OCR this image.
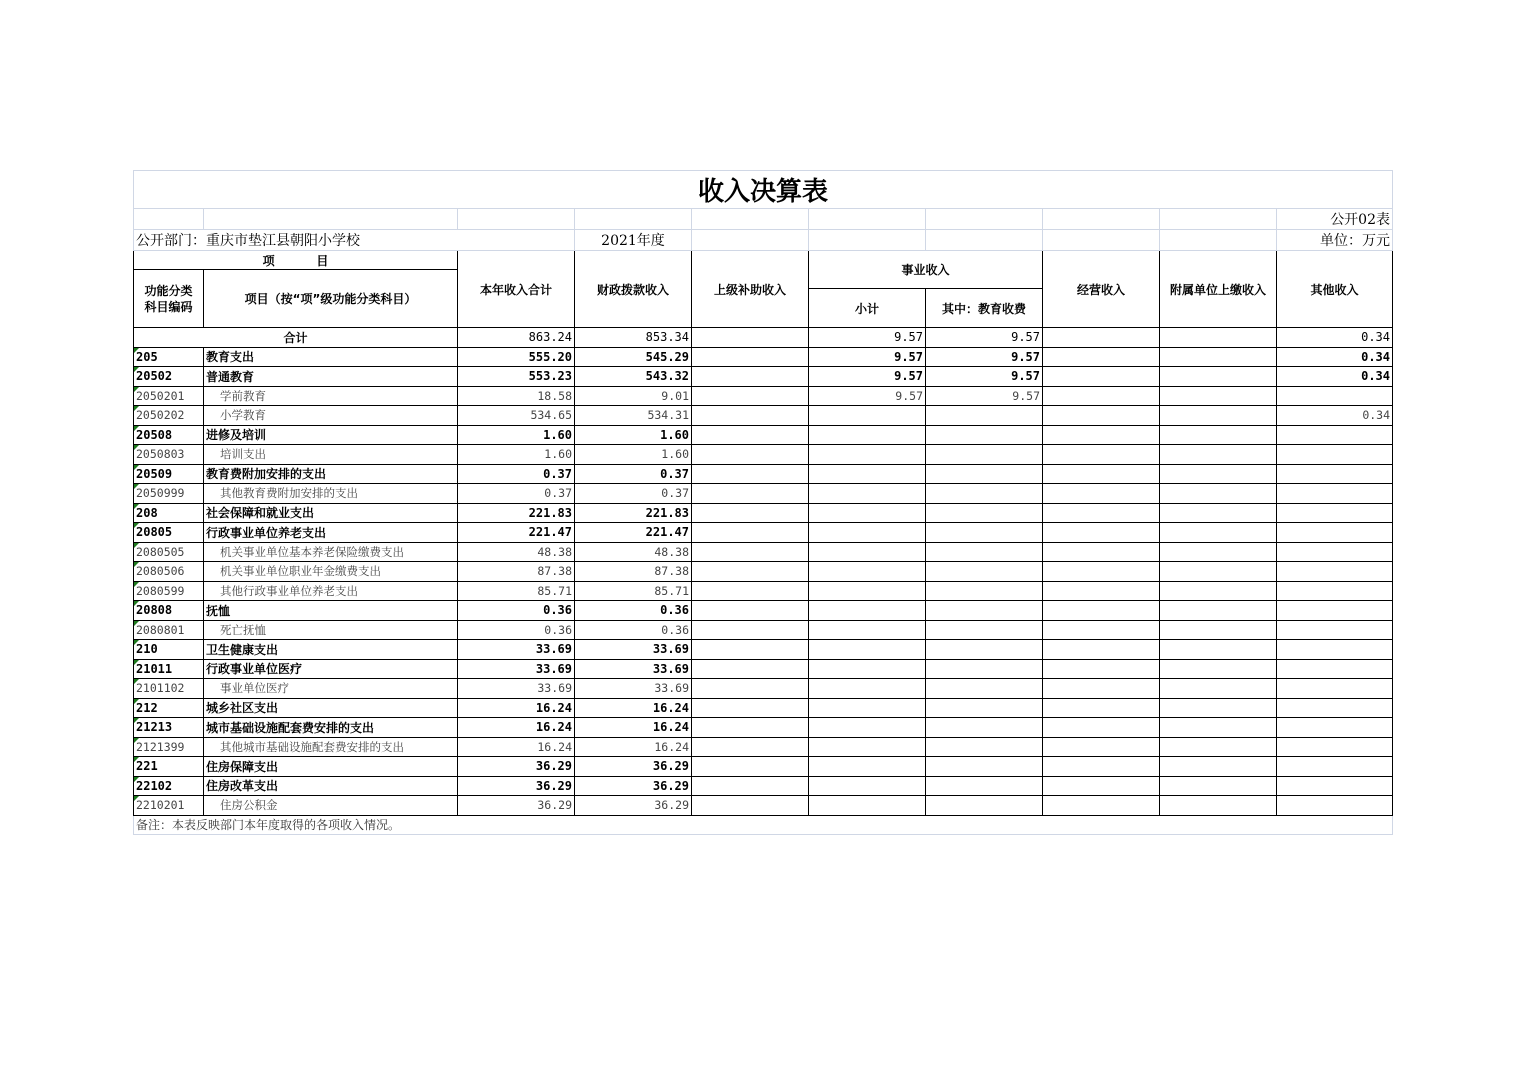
收入决算表									
									公开02表
公开部门：重庆市垫江县朝阳小学校			2021年度						单位：万元
项          目		本年收入合计	财政拨款收入	上级补助收入	事业收入		经营收入	附属单位上缴收入	其他收入
功能分类
科目编码	项目（按“项”级功能分类科目）								
					小计	其中：教育收费			
合计		863.24	853.34		9.57	9.57			0.34
205	教育支出	555.20	545.29		9.57	9.57			0.34
20502	普通教育	553.23	543.32		9.57	9.57			0.34
2050201	学前教育	18.58	9.01		9.57	9.57			
2050202	小学教育	534.65	534.31						0.34
20508	进修及培训	1.60	1.60						
2050803	培训支出	1.60	1.60						
20509	教育费附加安排的支出	0.37	0.37						
2050999	其他教育费附加安排的支出	0.37	0.37						
208	社会保障和就业支出	221.83	221.83						
20805	行政事业单位养老支出	221.47	221.47						
2080505	机关事业单位基本养老保险缴费支出	48.38	48.38						
2080506	机关事业单位职业年金缴费支出	87.38	87.38						
2080599	其他行政事业单位养老支出	85.71	85.71						
20808	抚恤	0.36	0.36						
2080801	死亡抚恤	0.36	0.36						
210	卫生健康支出	33.69	33.69						
21011	行政事业单位医疗	33.69	33.69						
2101102	事业单位医疗	33.69	33.69						
212	城乡社区支出	16.24	16.24						
21213	城市基础设施配套费安排的支出	16.24	16.24						
2121399	其他城市基础设施配套费安排的支出	16.24	16.24						
221	住房保障支出	36.29	36.29						
22102	住房改革支出	36.29	36.29						
2210201	住房公积金	36.29	36.29						
备注：本表反映部门本年度取得的各项收入情况。									
